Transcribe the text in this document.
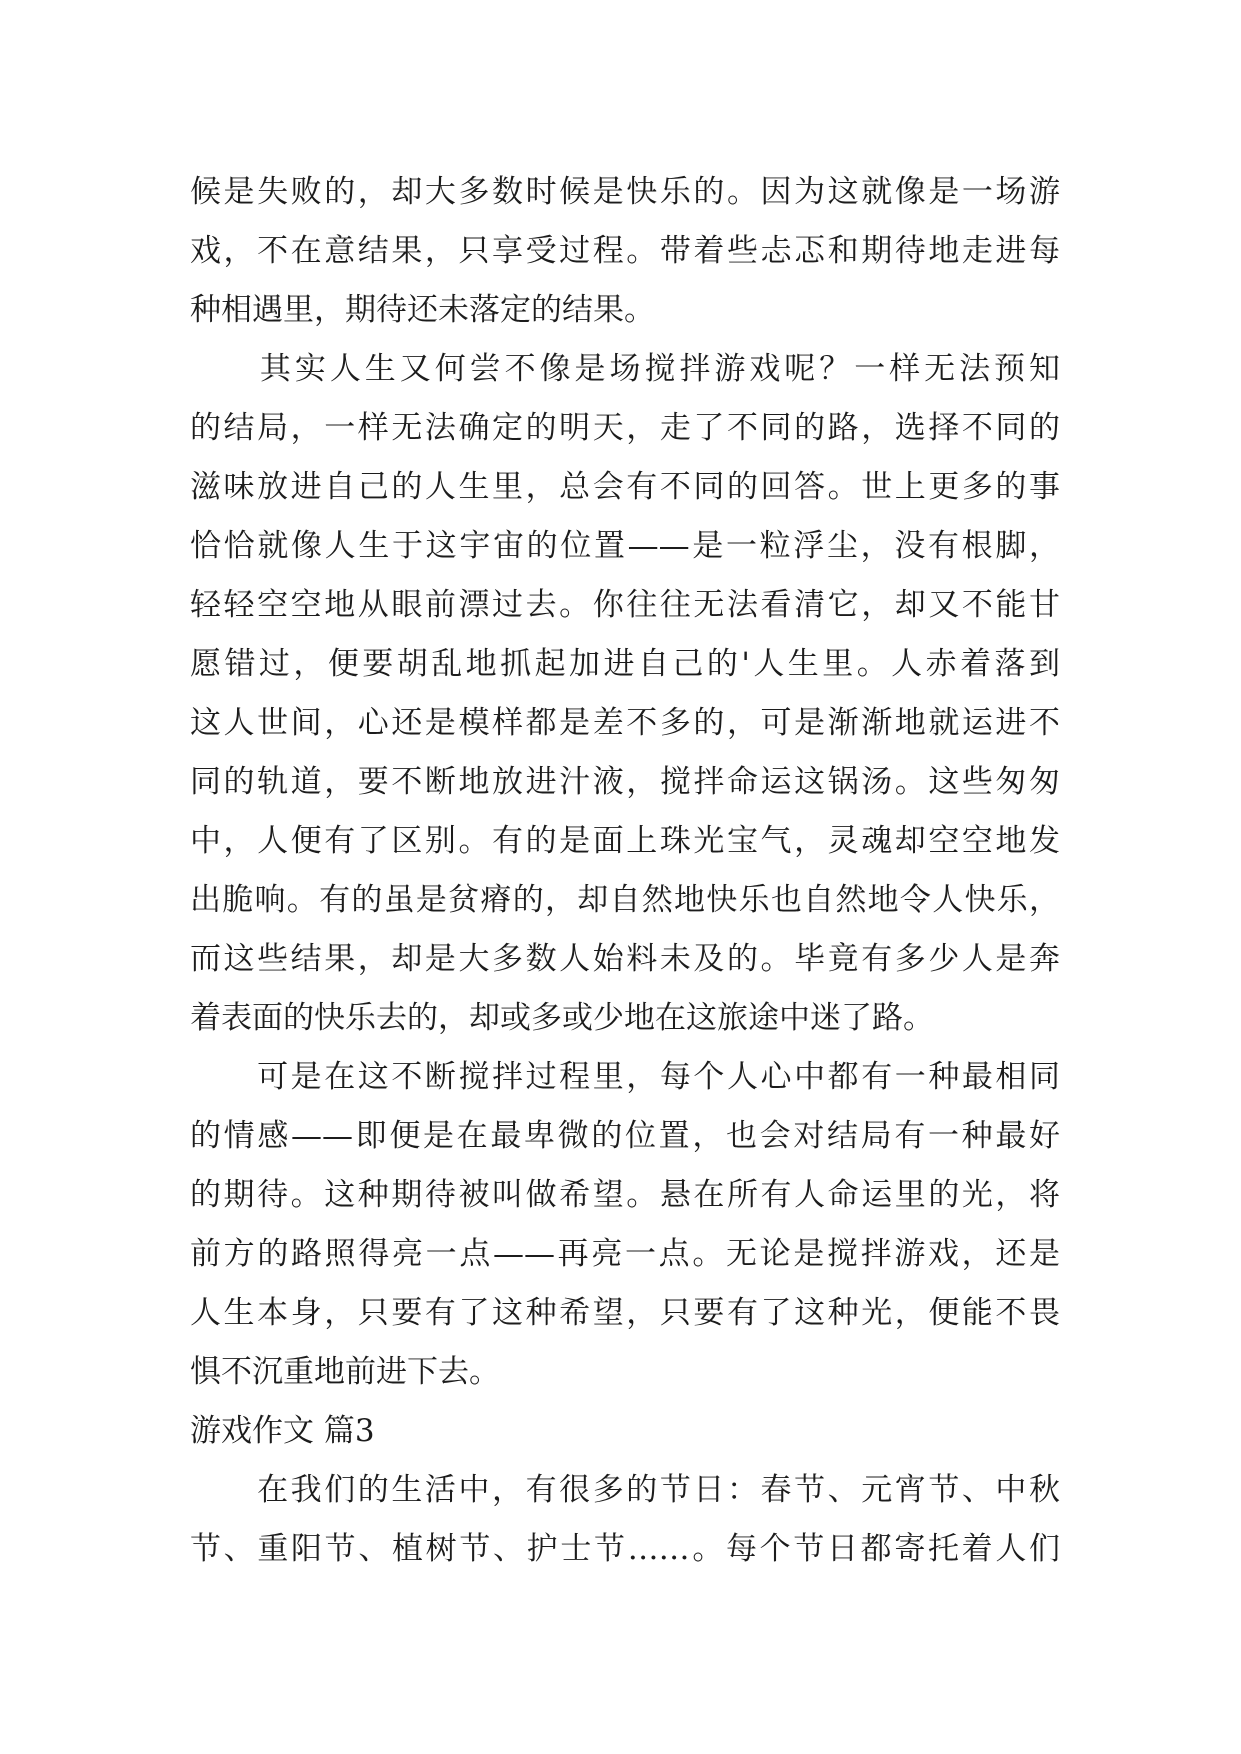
候是失败的，却大多数时候是快乐的。因为这就像是一场游
戏，不在意结果，只享受过程。带着些忐忑和期待地走进每
种相遇里，期待还未落定的结果。
　　其实人生又何尝不像是场搅拌游戏呢？一样无法预知
的结局，一样无法确定的明天，走了不同的路，选择不同的
滋味放进自己的人生里，总会有不同的回答。世上更多的事
恰恰就像人生于这宇宙的位置——是一粒浮尘，没有根脚，
轻轻空空地从眼前漂过去。你往往无法看清它，却又不能甘
愿错过，便要胡乱地抓起加进自己的'人生里。人赤着落到
这人世间，心还是模样都是差不多的，可是渐渐地就运进不
同的轨道，要不断地放进汁液，搅拌命运这锅汤。这些匆匆
中，人便有了区别。有的是面上珠光宝气，灵魂却空空地发
出脆响。有的虽是贫瘠的，却自然地快乐也自然地令人快乐，
而这些结果，却是大多数人始料未及的。毕竟有多少人是奔
着表面的快乐去的，却或多或少地在这旅途中迷了路。
　　可是在这不断搅拌过程里，每个人心中都有一种最相同
的情感——即便是在最卑微的位置，也会对结局有一种最好
的期待。这种期待被叫做希望。悬在所有人命运里的光，将
前方的路照得亮一点——再亮一点。无论是搅拌游戏，还是
人生本身，只要有了这种希望，只要有了这种光，便能不畏
惧不沉重地前进下去。
游戏作文 篇3
　　在我们的生活中，有很多的节日：春节、元宵节、中秋
节、重阳节、植树节、护士节……。每个节日都寄托着人们
